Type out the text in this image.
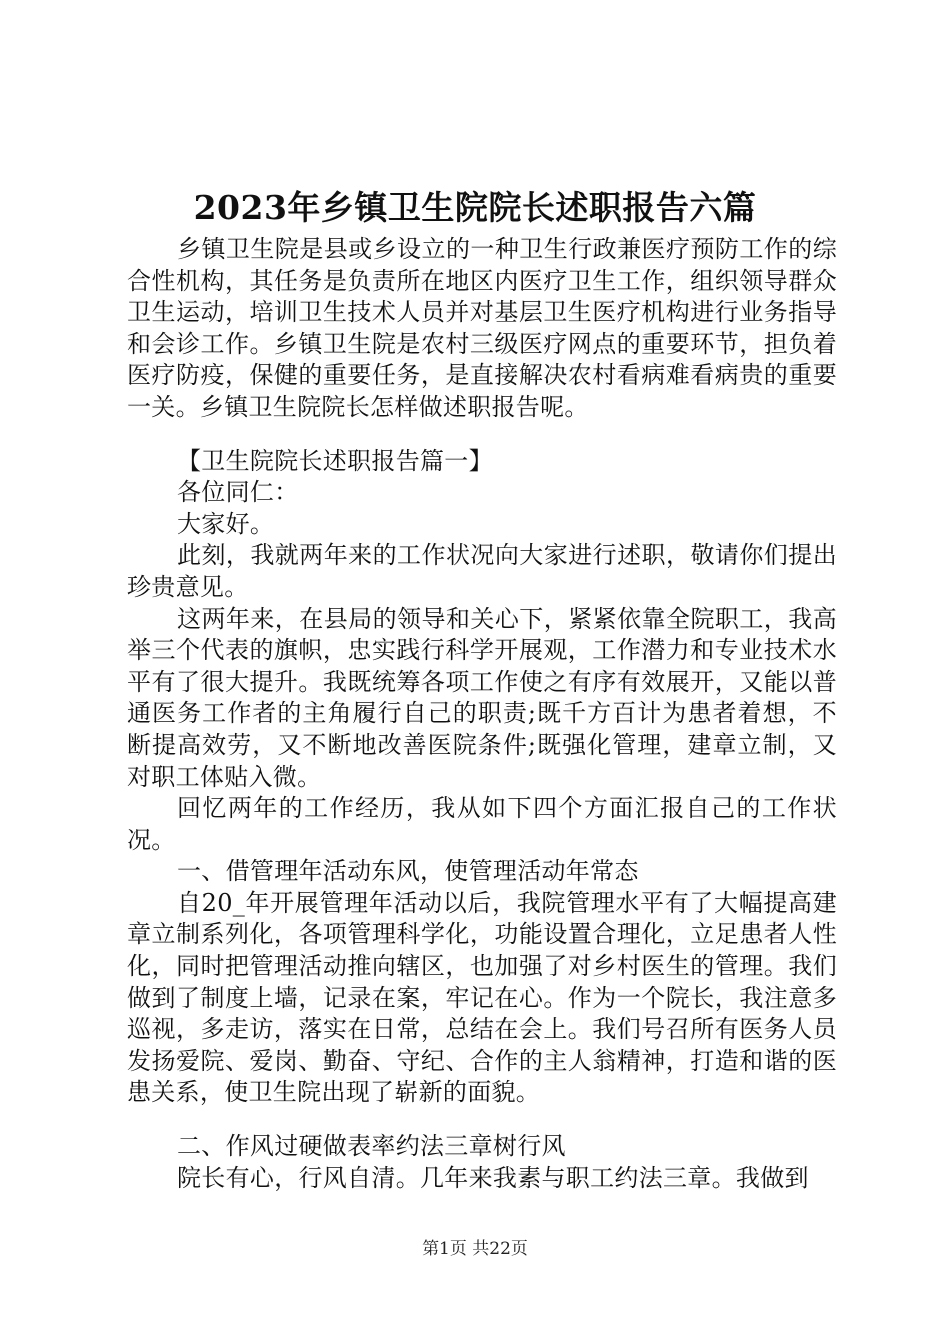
2023年乡镇卫生院院长述职报告六篇

乡镇卫生院是县或乡设立的一种卫生行政兼医疗预防工作的综合性机构，其任务是负责所在地区内医疗卫生工作，组织领导群众卫生运动，培训卫生技术人员并对基层卫生医疗机构进行业务指导和会诊工作。乡镇卫生院是农村三级医疗网点的重要环节，担负着医疗防疫，保健的重要任务，是直接解决农村看病难看病贵的重要一关。乡镇卫生院院长怎样做述职报告呢。

【卫生院院长述职报告篇一】

各位同仁：

大家好。

此刻，我就两年来的工作状况向大家进行述职，敬请你们提出珍贵意见。

这两年来，在县局的领导和关心下，紧紧依靠全院职工，我高举三个代表的旗帜，忠实践行科学开展观，工作潜力和专业技术水平有了很大提升。我既统筹各项工作使之有序有效展开，又能以普通医务工作者的主角履行自己的职责;既千方百计为患者着想，不断提高效劳，又不断地改善医院条件;既强化管理，建章立制，又对职工体贴入微。

回忆两年的工作经历，我从如下四个方面汇报自己的工作状况。

一、借管理年活动东风，使管理活动年常态

自20_年开展管理年活动以后，我院管理水平有了大幅提高建章立制系列化，各项管理科学化，功能设置合理化，立足患者人性化，同时把管理活动推向辖区，也加强了对乡村医生的管理。我们做到了制度上墙，记录在案，牢记在心。作为一个院长，我注意多巡视，多走访，落实在日常，总结在会上。我们号召所有医务人员发扬爱院、爱岗、勤奋、守纪、合作的主人翁精神，打造和谐的医患关系，使卫生院出现了崭新的面貌。

二、作风过硬做表率约法三章树行风

院长有心，行风自清。几年来我素与职工约法三章。我做到

第1页 共22页
